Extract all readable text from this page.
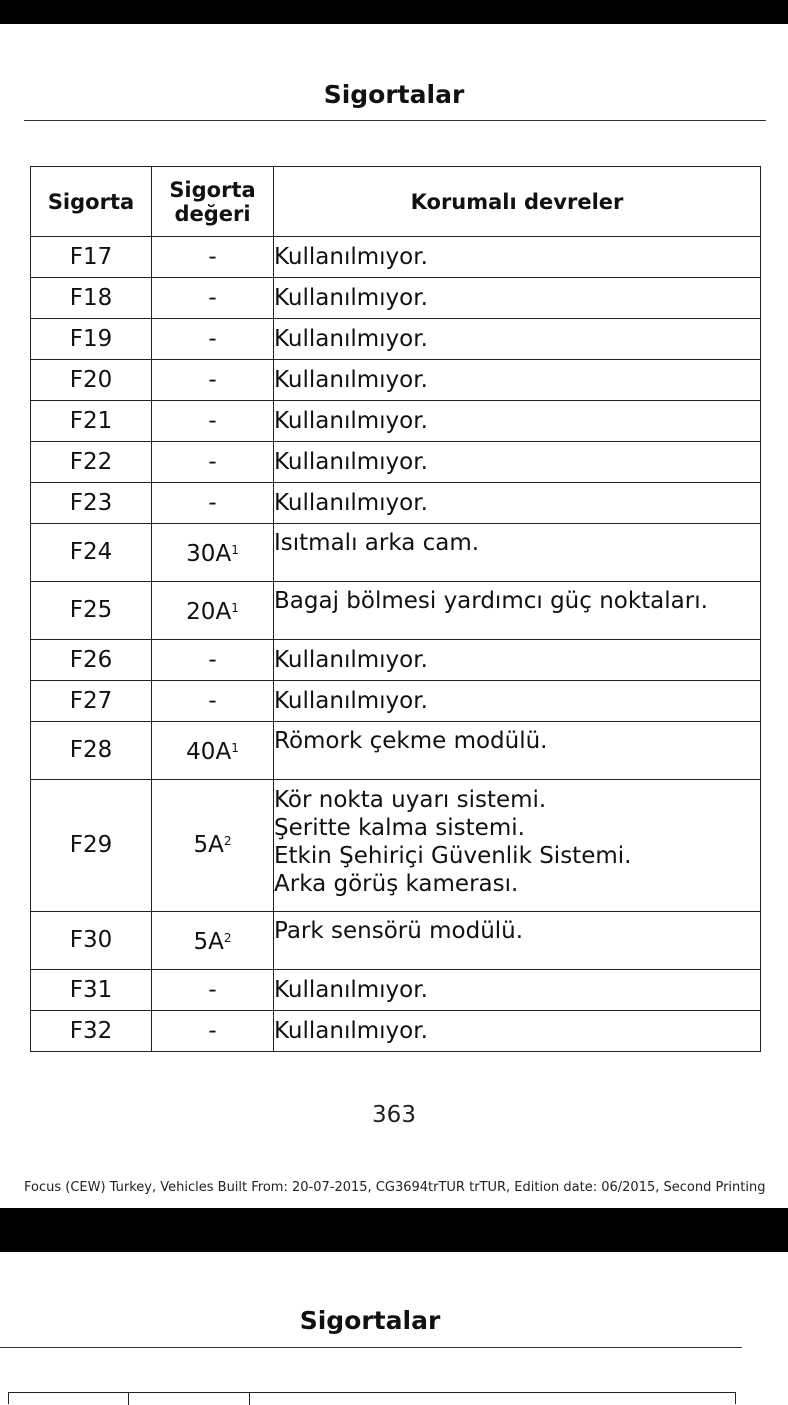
Sigortalar
Sigorta	Sigorta değeri	Korumalı devreler
F17	-	Kullanılmıyor.

F18	-	Kullanılmıyor.

F19	-	Kullanılmıyor.

F20	-	Kullanılmıyor.

F21	-	Kullanılmıyor.

F22	-	Kullanılmıyor.

F23	-	Kullanılmıyor.

F24	$30A^1$	Isıtmalı arka cam.

F25	$20A^1$	Bagaj bölmesi yardımcı güç noktaları.

F26	-	Kullanılmıyor.

F27	-	Kullanılmıyor.

F28	$40A^1$	Römork çekme modülü.

F29	$5A^2$	Kör nokta uyarı sistemi.
Şeritte kalma sistemi.
Etkin Şehiriçi Güvenlik Sistemi.
Arka görüş kamerası.

F30	$5A^2$	Park sensörü modülü.

F31	-	Kullanılmıyor.

F32	-	Kullanılmıyor.
363
Focus (CEW) Turkey, Vehicles Built From: 20-07-2015, CG3694trTUR trTUR, Edition date: 06/2015, Second Printing
Sigortalar
